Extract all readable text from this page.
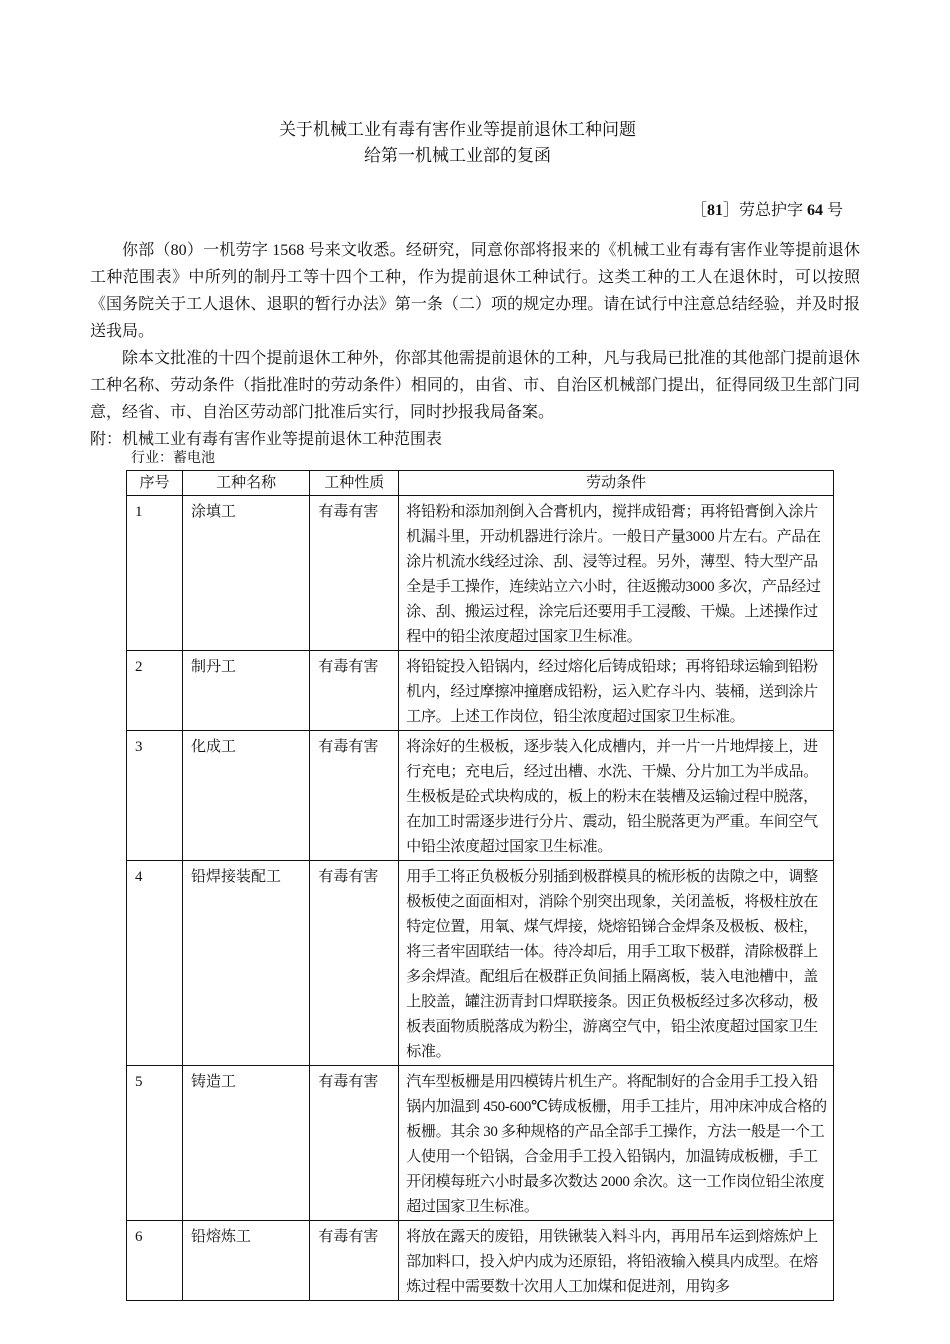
关于机械工业有毒有害作业等提前退休工种问题
给第一机械工业部的复函
［81］劳总护字 64 号

你部（80）一机劳字 1568 号来文收悉。经研究，同意你部将报来的《机械工业有毒有害作业等提前退休工种范围表》中所列的制丹工等十四个工种，作为提前退休工种试行。这类工种的工人在退休时，可以按照《国务院关于工人退休、退职的暂行办法》第一条（二）项的规定办理。请在试行中注意总结经验，并及时报送我局。

除本文批准的十四个提前退休工种外，你部其他需提前退休的工种，凡与我局已批准的其他部门提前退休工种名称、劳动条件（指批准时的劳动条件）相同的，由省、市、自治区机械部门提出，征得同级卫生部门同意，经省、市、自治区劳动部门批准后实行，同时抄报我局备案。

附：机械工业有毒有害作业等提前退休工种范围表

行业：蓄电池
序号	工种名称	工种性质	劳动条件
1	涂填工	有毒有害	将铅粉和添加剂倒入合膏机内，搅拌成铅膏；再将铅膏倒入涂片机漏斗里，开动机器进行涂片。一般日产量3000 片左右。产品在涂片机流水线经过涂、刮、浸等过程。另外，薄型、特大型产品全是手工操作，连续站立六小时，往返搬动3000 多次，产品经过涂、刮、搬运过程，涂完后还要用手工浸酸、干燥。上述操作过程中的铅尘浓度超过国家卫生标准。
2	制丹工	有毒有害	将铅锭投入铅锅内，经过熔化后铸成铅球；再将铅球运输到铅粉机内，经过摩擦冲撞磨成铅粉，运入贮存斗内、装桶，送到涂片工序。上述工作岗位，铅尘浓度超过国家卫生标准。
3	化成工	有毒有害	将涂好的生极板，逐步装入化成槽内，并一片一片地焊接上，进行充电；充电后，经过出槽、水洗、干燥、分片加工为半成品。生极板是砼式块构成的，板上的粉末在装槽及运输过程中脱落，在加工时需逐步进行分片、震动，铅尘脱落更为严重。车间空气中铅尘浓度超过国家卫生标准。
4	铅焊接装配工	有毒有害	用手工将正负极板分别插到极群模具的梳形板的齿隙之中，调整极板使之面面相对，消除个别突出现象，关闭盖板，将极柱放在特定位置，用氧、煤气焊接，烧熔铅锑合金焊条及极板、极柱，将三者牢固联结一体。待冷却后，用手工取下极群，清除极群上多余焊渣。配组后在极群正负间插上隔离板，装入电池槽中，盖上胶盖，罐注沥青封口焊联接条。因正负极板经过多次移动，极板表面物质脱落成为粉尘，游离空气中，铅尘浓度超过国家卫生标准。
5	铸造工	有毒有害	汽车型板栅是用四模铸片机生产。将配制好的合金用手工投入铅锅内加温到 450-600℃铸成板栅，用手工挂片，用冲床冲成合格的板栅。其余 30 多种规格的产品全部手工操作，方法一般是一个工人使用一个铅锅，合金用手工投入铅锅内，加温铸成板栅，手工开闭模每班六小时最多次数达 2000 余次。这一工作岗位铅尘浓度超过国家卫生标准。
6	铅熔炼工	有毒有害	将放在露天的废铅，用铁锹装入料斗内，再用吊车运到熔炼炉上部加料口，投入炉内成为还原铅，将铅液输入模具内成型。在熔炼过程中需要数十次用人工加煤和促进剂，用钩多
